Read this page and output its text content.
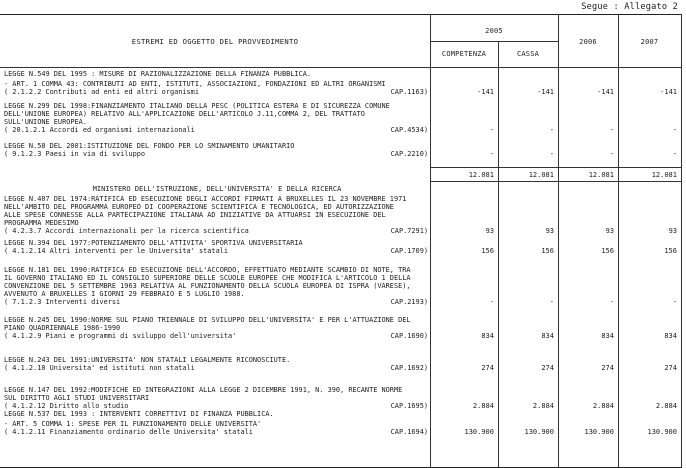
Segue : Allegato 2
ESTREMI ED OGGETTO DEL PROVVEDIMENTO
2005
COMPETENZA	CASSA
2006	2007
LEGGE N.549 DEL 1995 : MISURE DI RAZIONALIZZAZIONE DELLA FINANZA PUBBLICA.
- ART. 1 COMMA 43: CONTRIBUTI AD ENTI, ISTITUTI, ASSOCIAZIONI, FONDAZIONI ED ALTRI ORGANISMI
( 2.1.2.2 Contributi ad enti ed altri organismi	CAP.1163)	-141	-141	-141	-141
LEGGE N.299 DEL 1998:FINANZIAMENTO ITALIANO DELLA PESC (POLITICA ESTERA E DI SICUREZZA COMUNE
DELL'UNIONE EUROPEA) RELATIVO ALL'APPLICAZIONE DELL'ARTICOLO J.11,COMMA 2, DEL TRATTATO
SULL'UNIONE EUROPEA.
( 20.1.2.1 Accordi ed organismi internazionali	CAP.4534)	-	-	-	-
LEGGE N.58 DEL 2001:ISTITUZIONE DEL FONDO PER LO SMINAMENTO UMANITARIO
( 9.1.2.3 Paesi in via di sviluppo	CAP.2210)	-	-	-	-
12.081	12.081	12.081	12.081
MINISTERO DELL'ISTRUZIONE, DELL'UNIVERSITA' E DELLA RICERCA
LEGGE N.407 DEL 1974:RATIFICA ED ESECUZIONE DEGLI ACCORDI FIRMATI A BRUXELLES IL 23 NOVEMBRE 1971
NELL'AMBITO DEL PROGRAMMA EUROPEO DI COOPERAZIONE SCIENTIFICA E TECNOLOGICA, ED AUTORIZZAZIONE
ALLE SPESE CONNESSE ALLA PARTECIPAZIONE ITALIANA AD INIZIATIVE DA ATTUARSI IN ESECUZIONE DEL
PROGRAMMA MEDESIMO
( 4.2.3.7 Accordi internazionali per la ricerca scientifica	CAP.7291)	93	93	93	93
LEGGE N.394 DEL 1977:POTENZIAMENTO DELL'ATTIVITA' SPORTIVA UNIVERSITARIA
( 4.1.2.14 Altri interventi per le Universita' statali	CAP.1709)	156	156	156	156
LEGGE N.181 DEL 1990:RATIFICA ED ESECUZIONE DELL'ACCORDO, EFFETTUATO MEDIANTE SCAMBIO DI NOTE, TRA
IL GOVERNO ITALIANO ED IL CONSIGLIO SUPERIORE DELLE SCUOLE EUROPEE CHE MODIFICA L'ARTICOLO 1 DELLA
CONVENZIONE DEL 5 SETTEMBRE 1963 RELATIVA AL FUNZIONAMENTO DELLA SCUOLA EUROPEA DI ISPRA (VARESE),
AVVENUTO A BRUXELLES I GIORNI 29 FEBBRAIO E 5 LUGLIO 1988.
( 7.1.2.3 Interventi diversi	CAP.2193)	-	-	-	-
LEGGE N.245 DEL 1990:NORME SUL PIANO TRIENNALE DI SVILUPPO DELL'UNIVERSITA' E PER L'ATTUAZIONE DEL
PIANO QUADRIENNALE 1986-1990
( 4.1.2.9 Piani e programmi di sviluppo dell'universita'	CAP.1690)	834	834	834	834
LEGGE N.243 DEL 1991:UNIVERSITA' NON STATALI LEGALMENTE RICONOSCIUTE.
( 4.1.2.10 Universita' ed istituti non statali	CAP.1692)	274	274	274	274
LEGGE N.147 DEL 1992:MODIFICHE ED INTEGRAZIONI ALLA LEGGE 2 DICEMBRE 1991, N. 390, RECANTE NORME
SUL DIRITTO AGLI STUDI UNIVERSITARI
( 4.1.2.12 Diritto allo studio	CAP.1695)	2.884	2.884	2.884	2.884
LEGGE N.537 DEL 1993 : INTERVENTI CORRETTIVI DI FINANZA PUBBLICA.
- ART. 5 COMMA 1: SPESE PER IL FUNZIONAMENTO DELLE UNIVERSITA'
( 4.1.2.11 Finanziamento ordinario delle Universita' statali	CAP.1694)	130.900	130.900	130.900	130.900
